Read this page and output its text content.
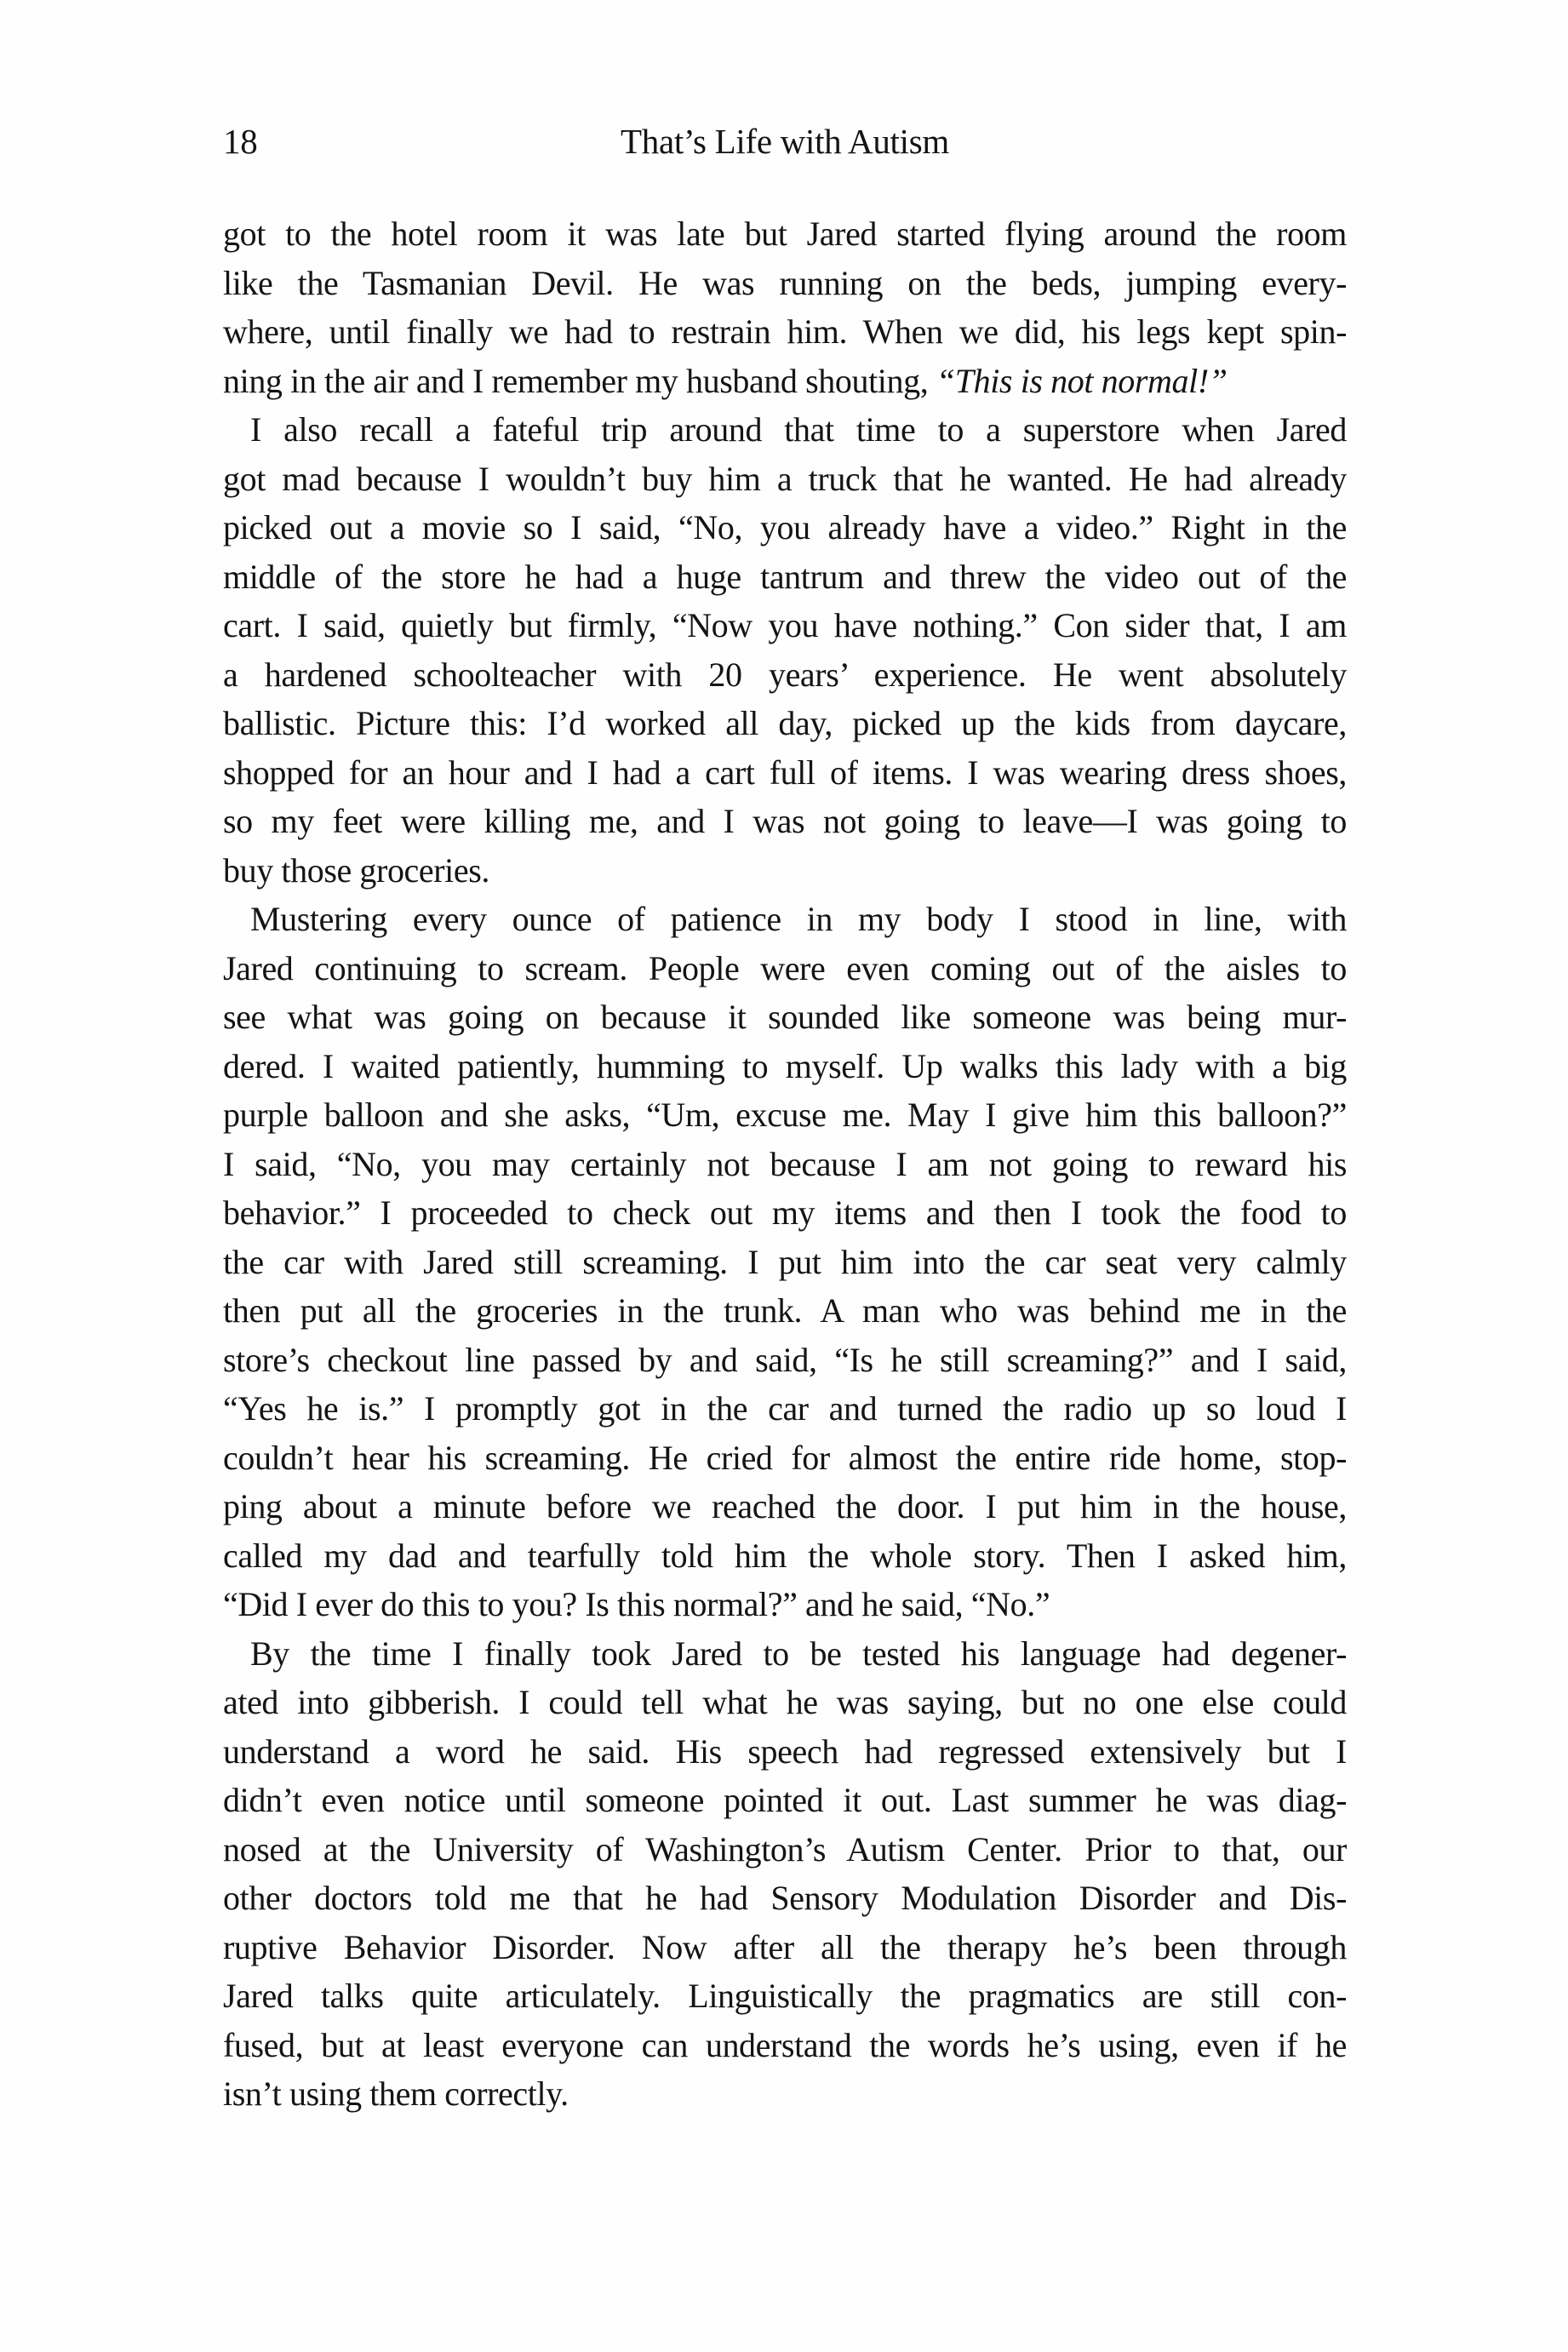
18	That’s Life with Autism
got to the hotel room it was late but Jared started flying around the room
like the Tasmanian Devil. He was running on the beds, jumping every-
where, until finally we had to restrain him. When we did, his legs kept spin-
ning in the air and I remember my husband shouting, “This is not normal!”
I also recall a fateful trip around that time to a superstore when Jared
got mad because I wouldn’t buy him a truck that he wanted. He had already
picked out a movie so I said, “No, you already have a video.” Right in the
middle of the store he had a huge tantrum and threw the video out of the
cart. I said, quietly but firmly, “Now you have nothing.” Con sider that, I am
a hardened schoolteacher with 20 years’ experience. He went absolutely
ballistic. Picture this: I’d worked all day, picked up the kids from daycare,
shopped for an hour and I had a cart full of items. I was wearing dress shoes,
so my feet were killing me, and I was not going to leave—I was going to
buy those groceries.
Mustering every ounce of patience in my body I stood in line, with
Jared continuing to scream. People were even coming out of the aisles to
see what was going on because it sounded like someone was being mur-
dered. I waited patiently, humming to myself. Up walks this lady with a big
purple balloon and she asks, “Um, excuse me. May I give him this balloon?”
I said, “No, you may certainly not because I am not going to reward his
behavior.” I proceeded to check out my items and then I took the food to
the car with Jared still screaming. I put him into the car seat very calmly
then put all the groceries in the trunk. A man who was behind me in the
store’s checkout line passed by and said, “Is he still screaming?” and I said,
“Yes he is.” I promptly got in the car and turned the radio up so loud I
couldn’t hear his screaming. He cried for almost the entire ride home, stop-
ping about a minute before we reached the door. I put him in the house,
called my dad and tearfully told him the whole story. Then I asked him,
“Did I ever do this to you? Is this normal?” and he said, “No.”
By the time I finally took Jared to be tested his language had degener-
ated into gibberish. I could tell what he was saying, but no one else could
understand a word he said. His speech had regressed extensively but I
didn’t even notice until someone pointed it out. Last summer he was diag-
nosed at the University of Washington’s Autism Center. Prior to that, our
other doctors told me that he had Sensory Modulation Disorder and Dis-
ruptive Behavior Disorder. Now after all the therapy he’s been through
Jared talks quite articulately. Linguistically the pragmatics are still con-
fused, but at least everyone can understand the words he’s using, even if he
isn’t using them correctly.
